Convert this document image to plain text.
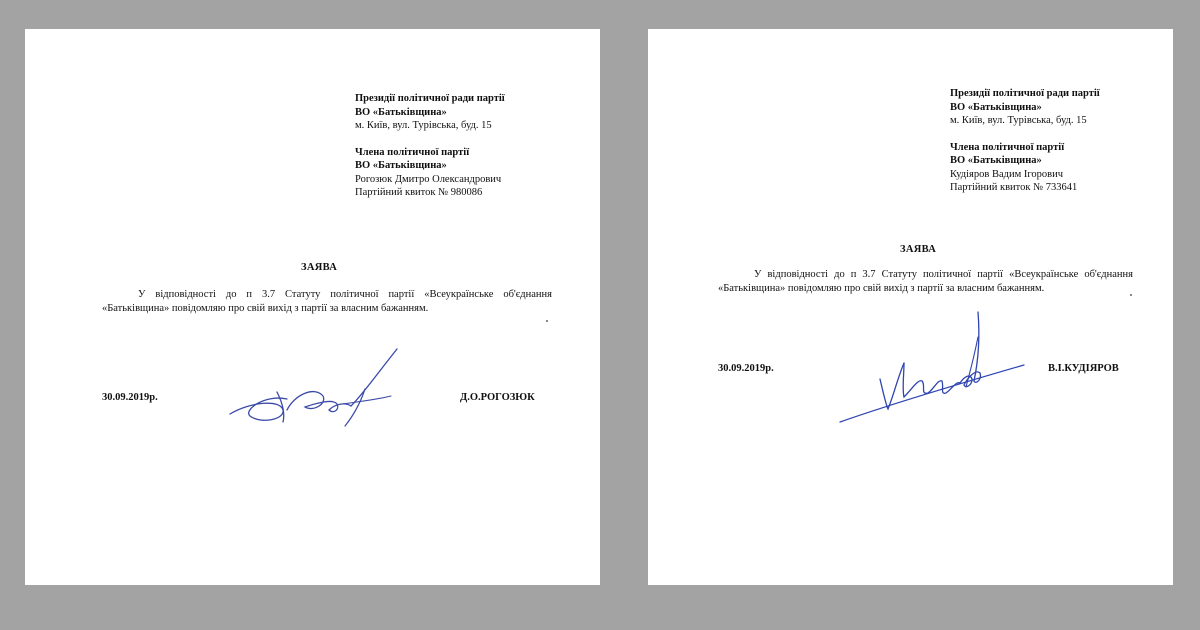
Президії політичної ради партії
ВО «Батьківщина»
м. Київ, вул. Турівська, буд. 15
Члена політичної партії
ВО «Батьківщина»
Рогозюк Дмитро Олександрович
Партійний квиток № 980086
ЗАЯВА
У відповідності до п 3.7 Статуту політичної партії «Всеукраїнське об'єднання
«Батьківщина» повідомляю про свій вихід з партії за власним бажанням.
30.09.2019р.	Д.О.РОГОЗЮК
Президії політичної ради партії
ВО «Батьківщина»
м. Київ, вул. Турівська, буд. 15
Члена політичної партії
ВО «Батьківщина»
Кудіяров Вадим Ігорович
Партійний квиток № 733641
ЗАЯВА
У відповідності до п 3.7 Статуту політичної партії «Всеукраїнське об'єднання
«Батьківщина» повідомляю про свій вихід з партії за власним бажанням.
30.09.2019р.	В.І.КУДІЯРОВ
